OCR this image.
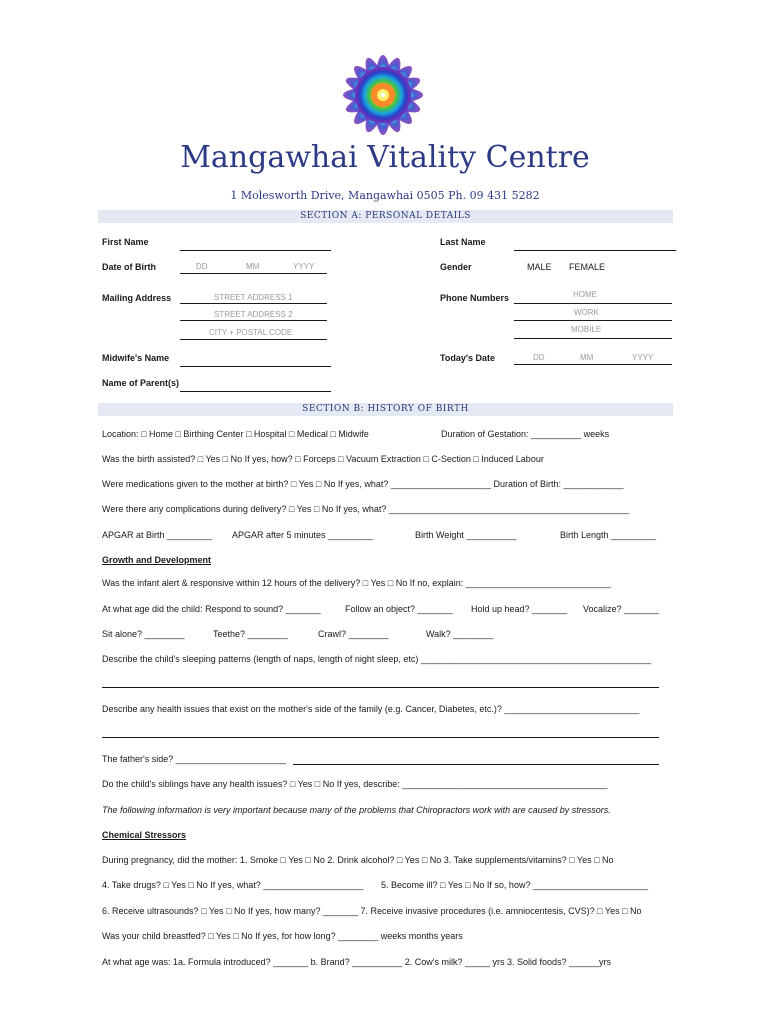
Mangawhai Vitality Centre
1 Molesworth Drive, Mangawhai 0505 Ph. 09 431 5282
SECTION A: PERSONAL DETAILS
First Name	Last Name
Date of Birth	DD	MM	YYYY	Gender	MALE FEMALE
Mailing Address	STREET ADDRESS 1
STREET ADDRESS 2
CITY + POSTAL CODE
Phone Numbers	HOME
WORK
MOBILE
Midwife's Name	Today's Date	DD	MM	YYYY
Name of Parent(s)
SECTION B: HISTORY OF BIRTH
Location: □ Home □ Birthing Center □ Hospital □ Medical □ Midwife	Duration of Gestation: __________ weeks
Was the birth assisted? □ Yes □ No If yes, how? □ Forceps □ Vacuum Extraction □ C-Section □ Induced Labour
Were medications given to the mother at birth? □ Yes □ No If yes, what? ____________________ Duration of Birth: ____________
Were there any complications during delivery? □ Yes □ No If yes, what? ________________________________________________
APGAR at Birth _________ APGAR after 5 minutes _________	Birth Weight __________	Birth Length _________
Growth and Development
Was the infant alert & responsive within 12 hours of the delivery? □ Yes □ No If no, explain: _____________________________
At what age did the child: Respond to sound? _______	Follow an object? _______ Hold up head? _______ Vocalize? _______
Sit alone? ________	Teethe? ________	Crawl? ________	Walk? ________
Describe the child's sleeping patterns (length of naps, length of night sleep, etc) ______________________________________________
Describe any health issues that exist on the mother's side of the family (e.g. Cancer, Diabetes, etc.)? ___________________________
The father's side? ______________________
Do the child's siblings have any health issues? □ Yes □ No If yes, describe: _________________________________________
The following information is very important because many of the problems that Chiropractors work with are caused by stressors.
Chemical Stressors
During pregnancy, did the mother: 1. Smoke □ Yes □ No 2. Drink alcohol? □ Yes □ No 3. Take supplements/vitamins? □ Yes □ No
4. Take drugs? □ Yes □ No If yes, what? ____________________ 5. Become ill? □ Yes □ No If so, how? _______________________
6. Receive ultrasounds? □ Yes □ No If yes, how many? _______ 7. Receive invasive procedures (i.e. amniocentesis, CVS)? □ Yes □ No
Was your child breastfed? □ Yes □ No If yes, for how long? ________ weeks months years
At what age was: 1a. Formula introduced? _______ b. Brand? __________ 2. Cow's milk? _____ yrs 3. Solid foods? ______yrs
